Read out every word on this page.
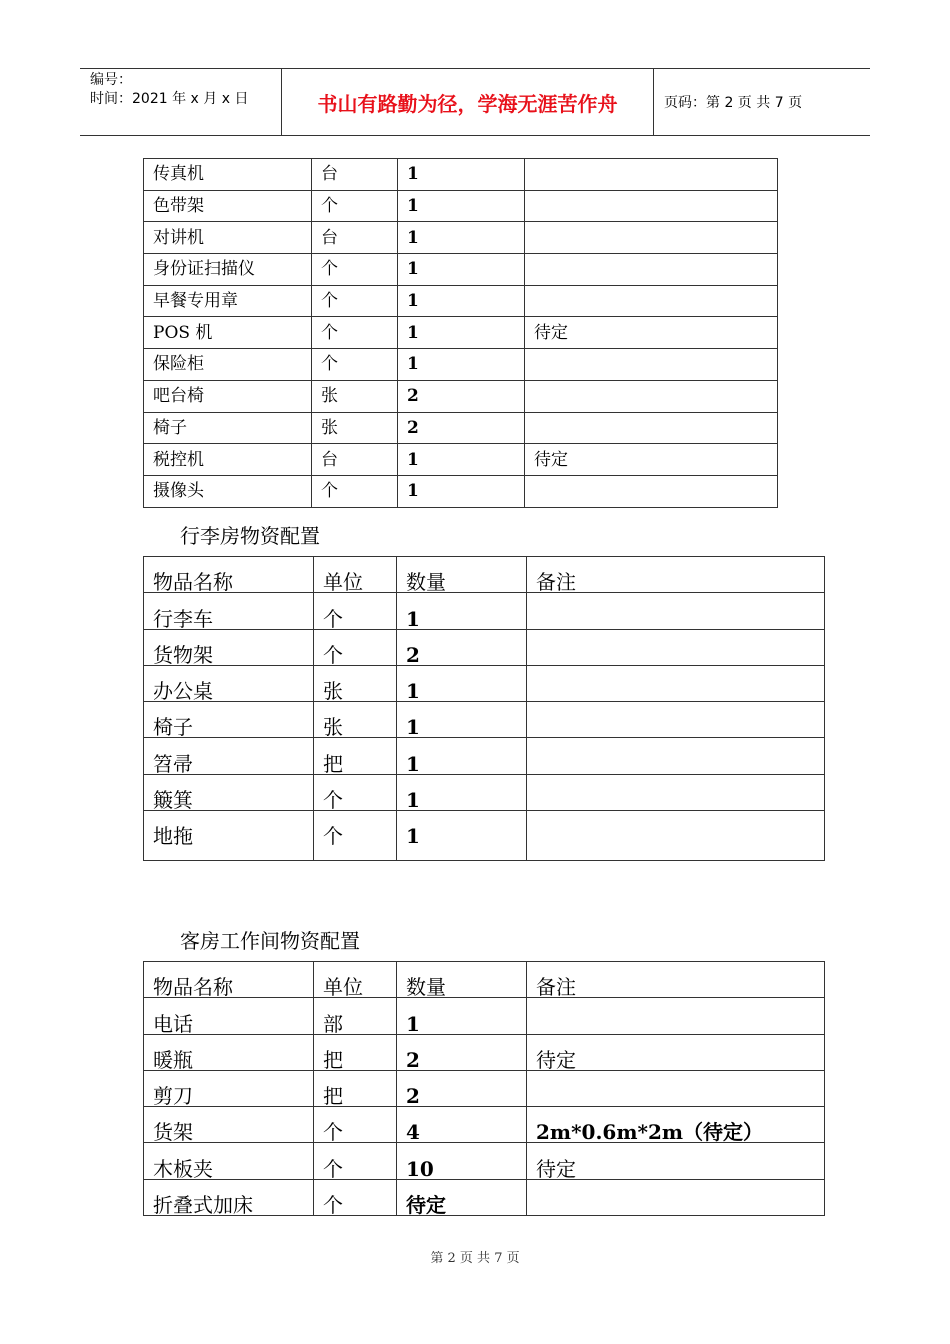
编号：
时间：2021 年 x 月 x 日	书山有路勤为径，学海无涯苦作舟	页码：第 2 页 共 7 页
传真机	台	1	
色带架	个	1	
对讲机	台	1	
身份证扫描仪	个	1	
早餐专用章	个	1	
POS 机	个	1	待定
保险柜	个	1	
吧台椅	张	2	
椅子	张	2	
税控机	台	1	待定
摄像头	个	1	
行李房物资配置
物品名称	单位	数量	备注
行李车	个	1	
货物架	个	2	
办公桌	张	1	
椅子	张	1	
笤帚	把	1	
簸箕	个	1	
地拖	个	1	
客房工作间物资配置
物品名称	单位	数量	备注
电话	部	1	
暖瓶	把	2	待定
剪刀	把	2	
货架	个	4	2m*0.6m*2m（待定）
木板夹	个	10	待定
折叠式加床	个	待定	
第 2 页 共 7 页
